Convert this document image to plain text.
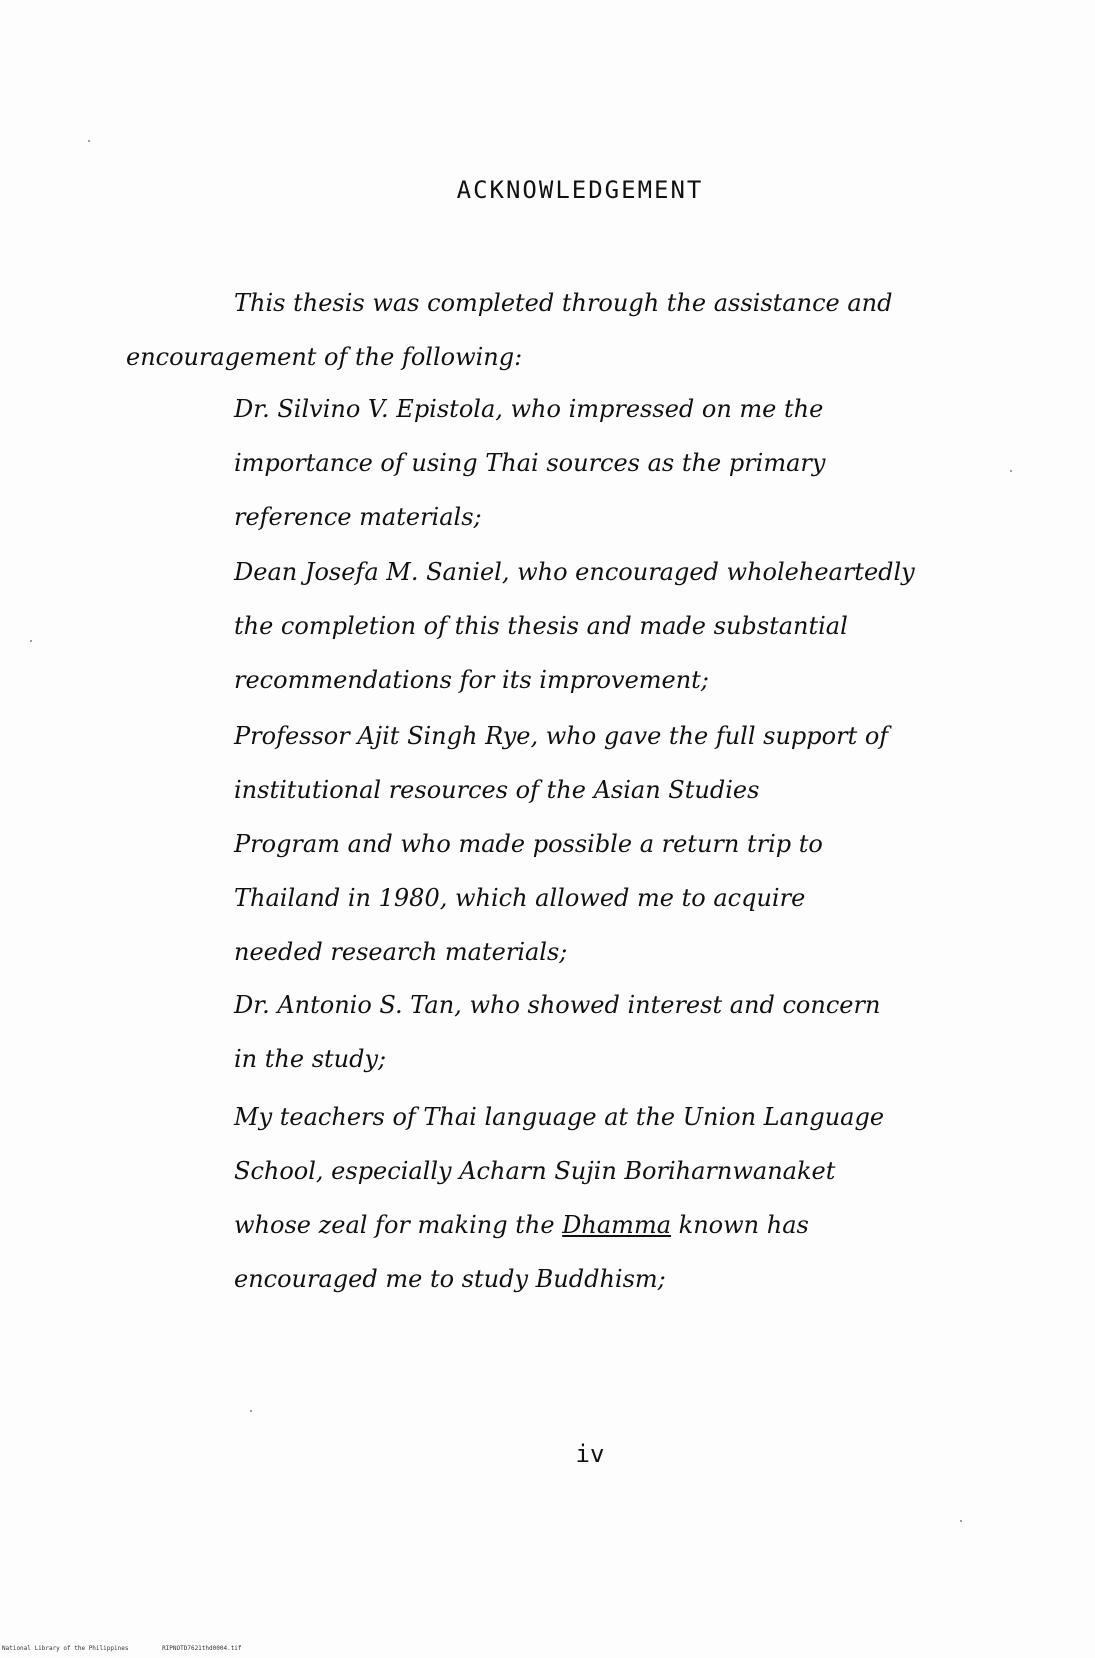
ACKNOWLEDGEMENT
This thesis was completed through the assistance and encouragement of the following:
Dr. Silvino V. Epistola, who impressed on me the
importance of using Thai sources as the primary
reference materials;
Dean Josefa M. Saniel, who encouraged wholeheartedly
the completion of this thesis and made substantial
recommendations for its improvement;
Professor Ajit Singh Rye, who gave the full support of
institutional resources of the Asian Studies
Program and who made possible a return trip to
Thailand in 1980, which allowed me to acquire
needed research materials;
Dr. Antonio S. Tan, who showed interest and concern
in the study;
My teachers of Thai language at the Union Language
School, especially Acharn Sujin Boriharnwanaket
whose zeal for making the Dhamma known has
encouraged me to study Buddhism;
iv
National Library of the Philippines	RIPNOTD7621thd0004.tif
